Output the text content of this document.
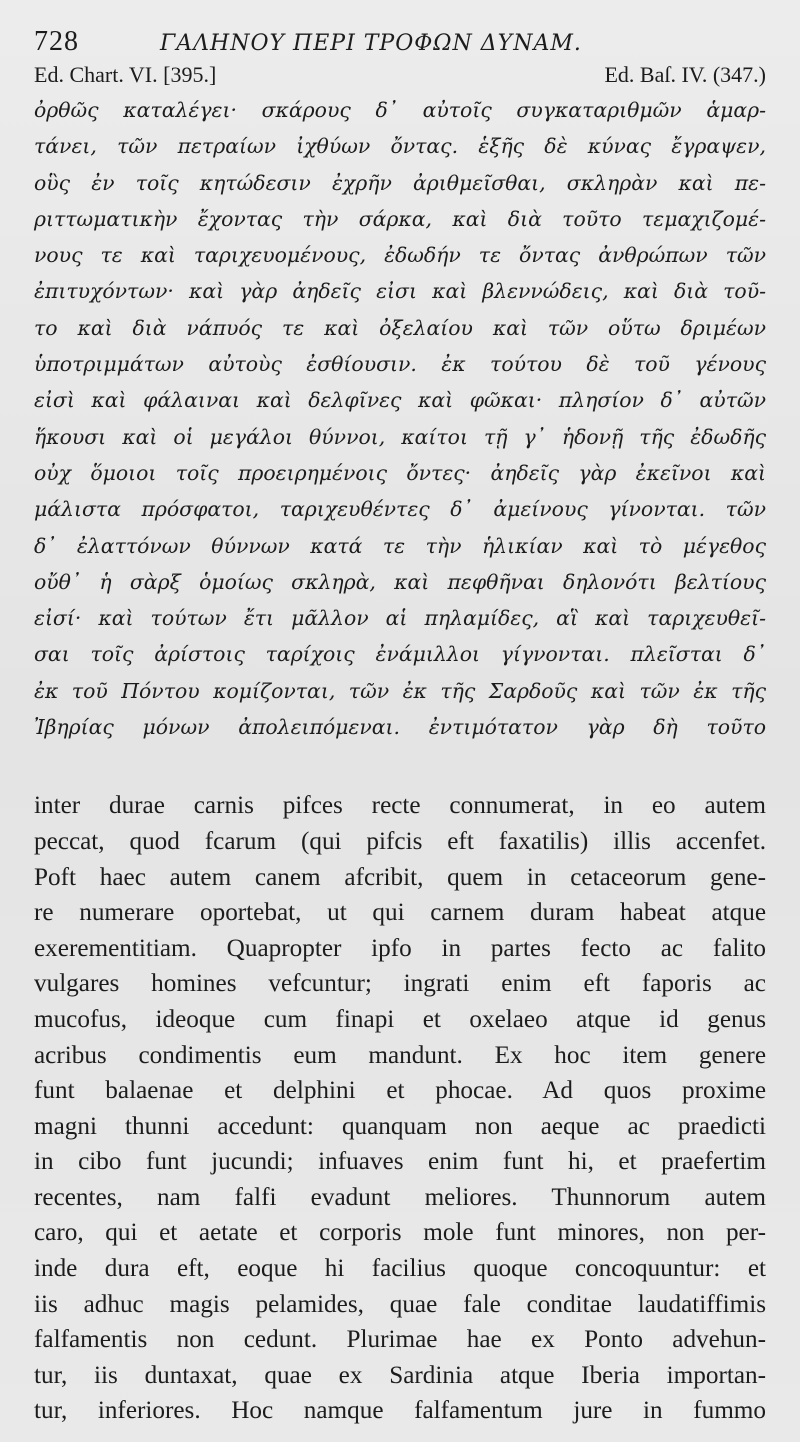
728	ΓΑΛΗΝΟΥ ΠΕΡΙ ΤΡΟΦΩΝ ΔΥΝΑΜ.
Ed. Chart. VI. [395.]	Ed. Baſ. IV. (347.)
ὀρθῶς καταλέγει· σκάρους δ᾽ αὐτοῖς συγκαταριθμῶν ἁμαρ-
τάνει, τῶν πετραίων ἰχθύων ὄντας. ἑξῆς δὲ κύνας ἔγραψεν,
οὓς ἐν τοῖς κητώδεσιν ἐχρῆν ἀριθμεῖσθαι, σκληρὰν καὶ πε-
ριττωματικὴν ἔχοντας τὴν σάρκα, καὶ διὰ τοῦτο τεμαχιζομέ-
νους τε καὶ ταριχευομένους, ἐδωδήν τε ὄντας ἀνθρώπων τῶν
ἐπιτυχόντων· καὶ γὰρ ἀηδεῖς εἰσι καὶ βλεννώδεις, καὶ διὰ τοῦ-
το καὶ διὰ νάπυός τε καὶ ὀξελαίου καὶ τῶν οὕτω δριμέων
ὑποτριμμάτων αὐτοὺς ἐσθίουσιν. ἐκ τούτου δὲ τοῦ γένους
εἰσὶ καὶ φάλαιναι καὶ δελφῖνες καὶ φῶκαι· πλησίον δ᾽ αὐτῶν
ἥκουσι καὶ οἱ μεγάλοι θύννοι, καίτοι τῇ γ᾽ ἡδονῇ τῆς ἐδωδῆς
οὐχ ὅμοιοι τοῖς προειρημένοις ὄντες· ἀηδεῖς γὰρ ἐκεῖνοι καὶ
μάλιστα πρόσφατοι, ταριχευθέντες δ᾽ ἀμείνους γίνονται. τῶν
δ᾽ ἐλαττόνων θύννων κατά τε τὴν ἡλικίαν καὶ τὸ μέγεθος
οὔθ᾽ ἡ σὰρξ ὁμοίως σκληρὰ, καὶ πεφθῆναι δηλονότι βελτίους
εἰσί· καὶ τούτων ἔτι μᾶλλον αἱ πηλαμίδες, αἳ καὶ ταριχευθεῖ-
σαι τοῖς ἀρίστοις ταρίχοις ἐνάμιλλοι γίγνονται. πλεῖσται δ᾽
ἐκ τοῦ Πόντου κομίζονται, τῶν ἐκ τῆς Σαρδοῦς καὶ τῶν ἐκ τῆς
Ἰβηρίας μόνων ἀπολειπόμεναι. ἐντιμότατον γὰρ δὴ τοῦτο
inter durae carnis pifces recte connumerat, in eo autem
peccat, quod fcarum (qui pifcis eft faxatilis) illis accenfet.
Poft haec autem canem afcribit, quem in cetaceorum gene-
re numerare oportebat, ut qui carnem duram habeat atque
exerementitiam. Quapropter ipfo in partes fecto ac falito
vulgares homines vefcuntur; ingrati enim eft faporis ac
mucofus, ideoque cum finapi et oxelaeo atque id genus
acribus condimentis eum mandunt. Ex hoc item genere
funt balaenae et delphini et phocae. Ad quos proxime
magni thunni accedunt: quanquam non aeque ac praedicti
in cibo funt jucundi; infuaves enim funt hi, et praefertim
recentes, nam falfi evadunt meliores. Thunnorum autem
caro, qui et aetate et corporis mole funt minores, non per-
inde dura eft, eoque hi facilius quoque concoquuntur: et
iis adhuc magis pelamides, quae fale conditae laudatiffimis
falfamentis non cedunt. Plurimae hae ex Ponto advehun-
tur, iis duntaxat, quae ex Sardinia atque Iberia importan-
tur, inferiores. Hoc namque falfamentum jure in fummo
